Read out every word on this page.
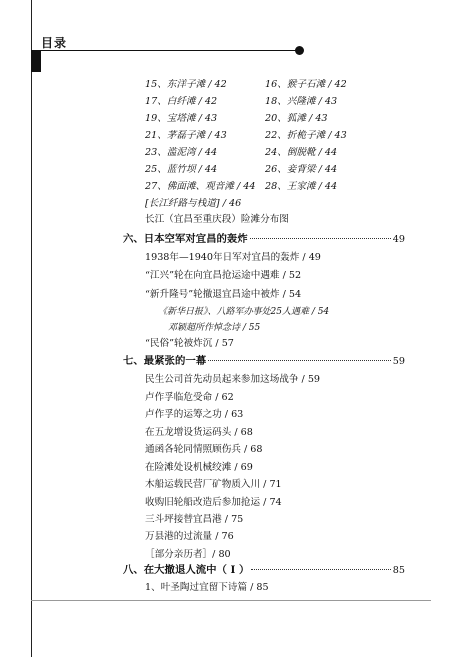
目录
15、东洋子滩 / 42	16、猴子石滩 / 42
17、白纤滩 / 42	18、兴隆滩 / 43
19、宝塔滩 / 43	20、狐滩 / 43
21、茅磊子滩 / 43	22、折桅子滩 / 43
23、滥泥湾 / 44	24、倒脱靴 / 44
25、蓝竹坝 / 44	26、妾背梁 / 44
27、佛面滩、观音滩 / 44 28、王家滩 / 44
[长江纤路与栈道] / 46
长江（宜昌至重庆段）险滩分布图
六、日本空军对宜昌的轰炸	49
1938年—1940年日军对宜昌的轰炸 / 49
“江兴”轮在向宜昌抢运途中遇难 / 52
“新升隆号”轮撤退宜昌途中被炸 / 54
《新华日报》、八路军办事处25人遇难 / 54
邓颖超所作悼念诗 / 55
“民俗”轮被炸沉 / 57
七、最紧张的一幕	59
民生公司首先动员起来参加这场战争 / 59
卢作孚临危受命 / 62
卢作孚的运筹之功 / 63
在五龙增设货运码头 / 68
通函各轮同情照顾伤兵 / 68
在险滩处设机械绞滩 / 69
木船运载民营厂矿物质入川 / 71
收购旧轮船改造后参加抢运 / 74
三斗坪接替宜昌港 / 75
万县港的过流量 / 76
［部分亲历者］/ 80
八、在大撤退人流中（ I ）	85
1、叶圣陶过宜留下诗篇 / 85
